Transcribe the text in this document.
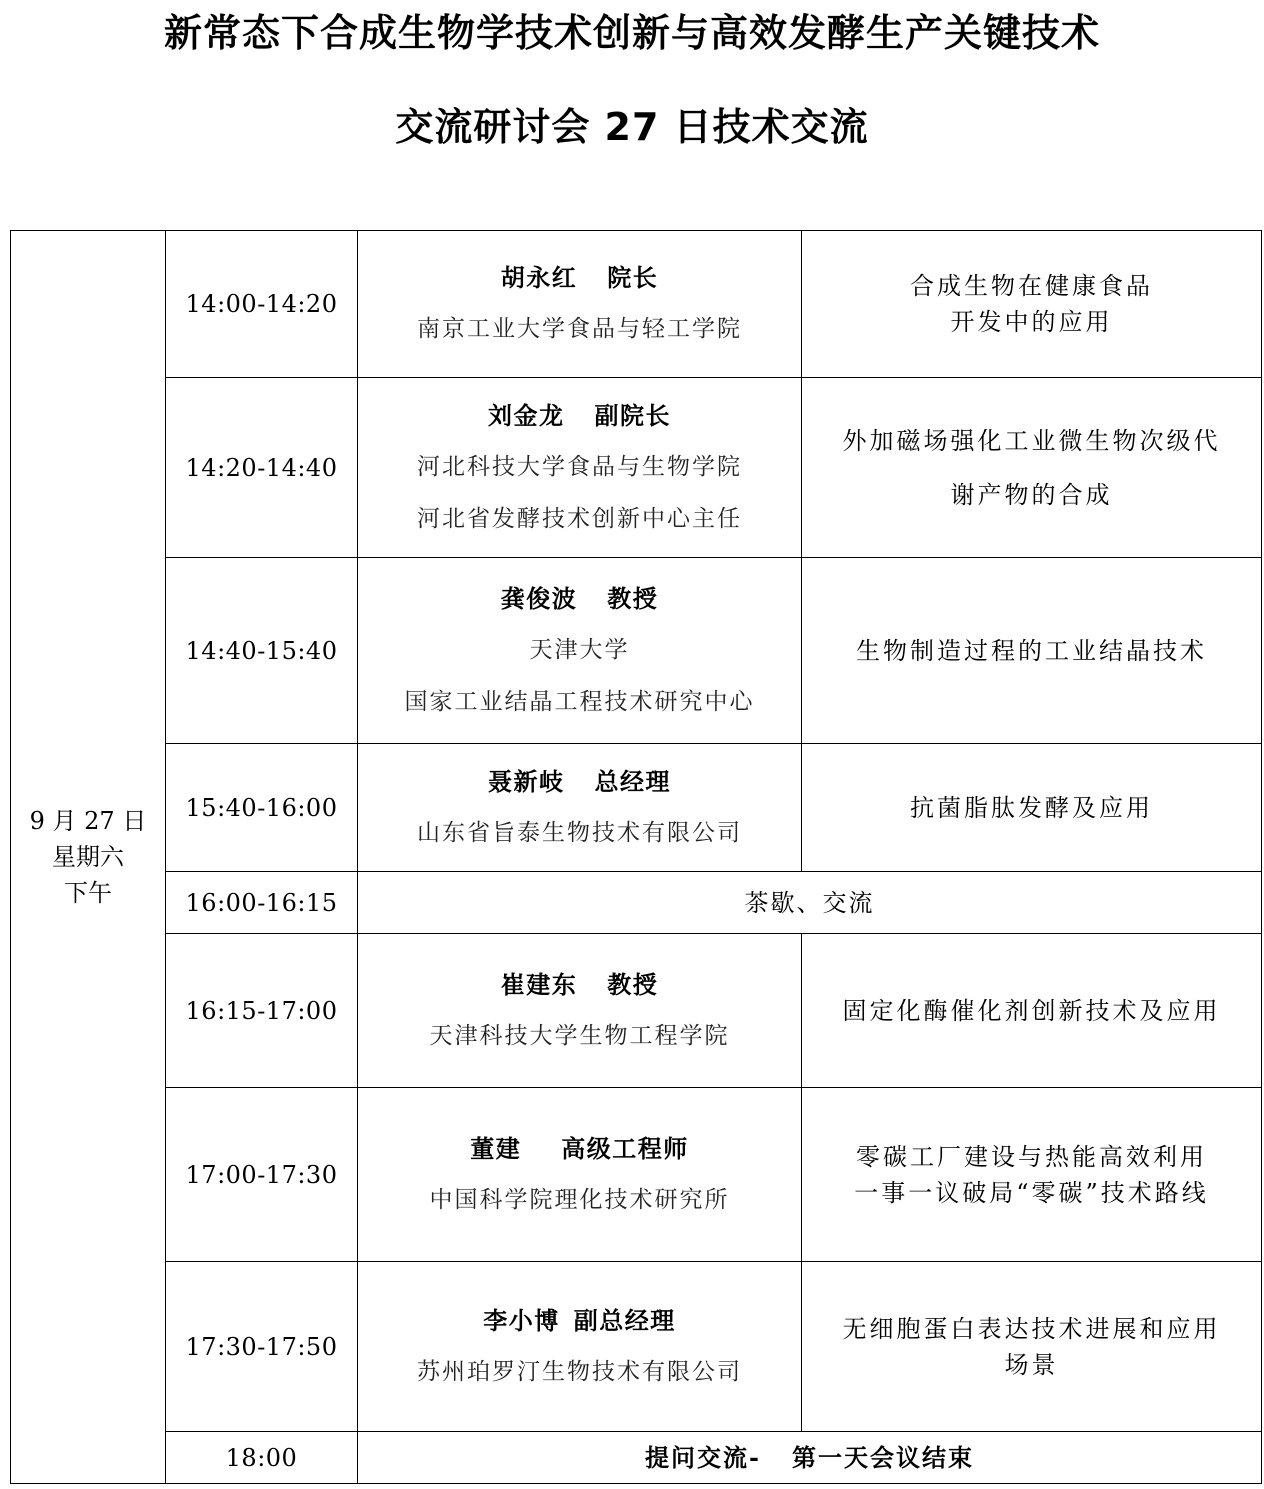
新常态下合成生物学技术创新与高效发酵生产关键技术
交流研讨会 27 日技术交流
9 月 27 日
星期六
下午	14:00-14:20	胡永红 院长
南京工业大学食品与轻工学院	合成生物在健康食品
开发中的应用

	14:20-14:40	刘金龙 副院长
河北科技大学食品与生物学院
河北省发酵技术创新中心主任	外加磁场强化工业微生物次级代
谢产物的合成

	14:40-15:40	龚俊波 教授
天津大学
国家工业结晶工程技术研究中心	生物制造过程的工业结晶技术

	15:40-16:00	聂新岐 总经理
山东省旨泰生物技术有限公司	抗菌脂肽发酵及应用

	16:00-16:15	茶歇、交流	
	16:15-17:00	崔建东 教授
天津科技大学生物工程学院	固定化酶催化剂创新技术及应用

	17:00-17:30	董建 高级工程师
中国科学院理化技术研究所	零碳工厂建设与热能高效利用
一事一议破局“零碳”技术路线

	17:30-17:50	李小博 副总经理
苏州珀罗汀生物技术有限公司	无细胞蛋白表达技术进展和应用
场景

	18:00	提问交流-   第一天会议结束	
